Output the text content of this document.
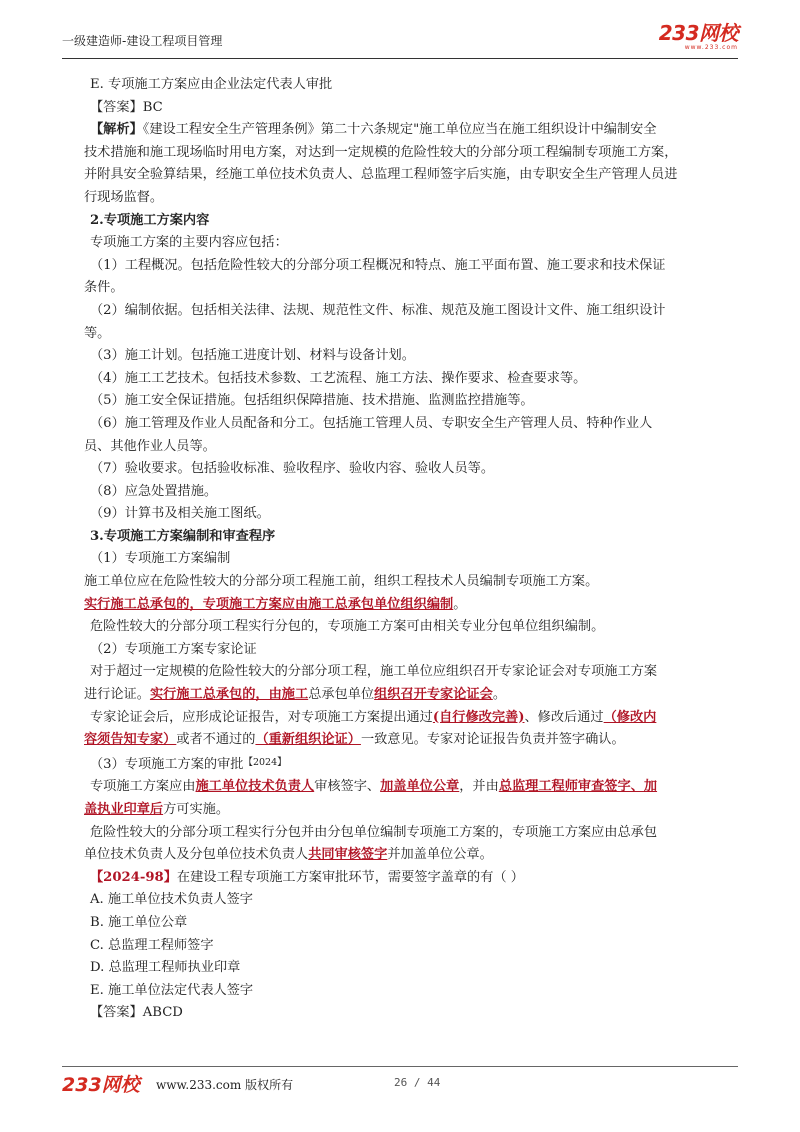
一级建造师-建设工程项目管理	233网校
www.233.com
E. 专项施工方案应由企业法定代表人审批
【答案】BC
【解析】《建设工程安全生产管理条例》第二十六条规定"施工单位应当在施工组织设计中编制安全
技术措施和施工现场临时用电方案，对达到一定规模的危险性较大的分部分项工程编制专项施工方案，
并附具安全验算结果，经施工单位技术负责人、总监理工程师签字后实施，由专职安全生产管理人员进
行现场监督。
2.专项施工方案内容
专项施工方案的主要内容应包括：
（1）工程概况。包括危险性较大的分部分项工程概况和特点、施工平面布置、施工要求和技术保证
条件。
（2）编制依据。包括相关法律、法规、规范性文件、标准、规范及施工图设计文件、施工组织设计
等。
（3）施工计划。包括施工进度计划、材料与设备计划。
（4）施工工艺技术。包括技术参数、工艺流程、施工方法、操作要求、检查要求等。
（5）施工安全保证措施。包括组织保障措施、技术措施、监测监控措施等。
（6）施工管理及作业人员配备和分工。包括施工管理人员、专职安全生产管理人员、特种作业人
员、其他作业人员等。
（7）验收要求。包括验收标准、验收程序、验收内容、验收人员等。
（8）应急处置措施。
（9）计算书及相关施工图纸。
3.专项施工方案编制和审查程序
（1）专项施工方案编制
施工单位应在危险性较大的分部分项工程施工前，组织工程技术人员编制专项施工方案。
实行施工总承包的，专项施工方案应由施工总承包单位组织编制。
危险性较大的分部分项工程实行分包的，专项施工方案可由相关专业分包单位组织编制。
（2）专项施工方案专家论证
对于超过一定规模的危险性较大的分部分项工程，施工单位应组织召开专家论证会对专项施工方案
进行论证。实行施工总承包的，由施工总承包单位组织召开专家论证会。
专家论证会后，应形成论证报告，对专项施工方案提出通过(自行修改完善)、修改后通过（修改内
容须告知专家）或者不通过的（重新组织论证）一致意见。专家对论证报告负责并签字确认。
（3）专项施工方案的审批$^{【2024】}$
专项施工方案应由施工单位技术负责人审核签字、加盖单位公章，并由总监理工程师审查签字、加
盖执业印章后方可实施。
危险性较大的分部分项工程实行分包并由分包单位编制专项施工方案的，专项施工方案应由总承包
单位技术负责人及分包单位技术负责人共同审核签字并加盖单位公章。
【2024-98】在建设工程专项施工方案审批环节，需要签字盖章的有（ ）
A. 施工单位技术负责人签字
B. 施工单位公章
C. 总监理工程师签字
D. 总监理工程师执业印章
E. 施工单位法定代表人签字
【答案】ABCD
233网校 www.233.com 版权所有	26 / 44
